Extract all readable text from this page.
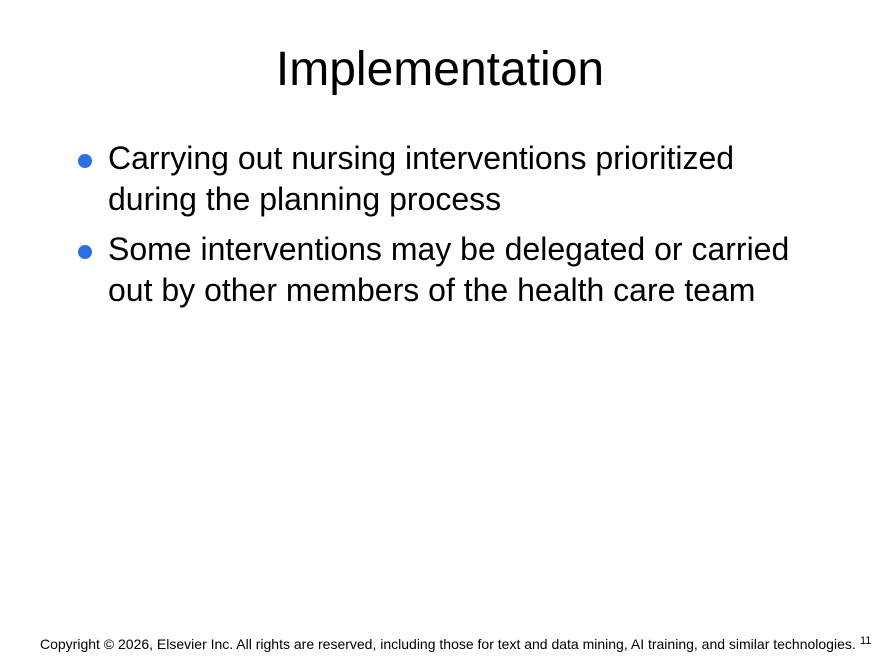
Implementation
Carrying out nursing interventions prioritized during the planning process
Some interventions may be delegated or carried out by other members of the health care team
Copyright © 2026, Elsevier Inc. All rights are reserved, including those for text and data mining, AI training, and similar technologies. 11
